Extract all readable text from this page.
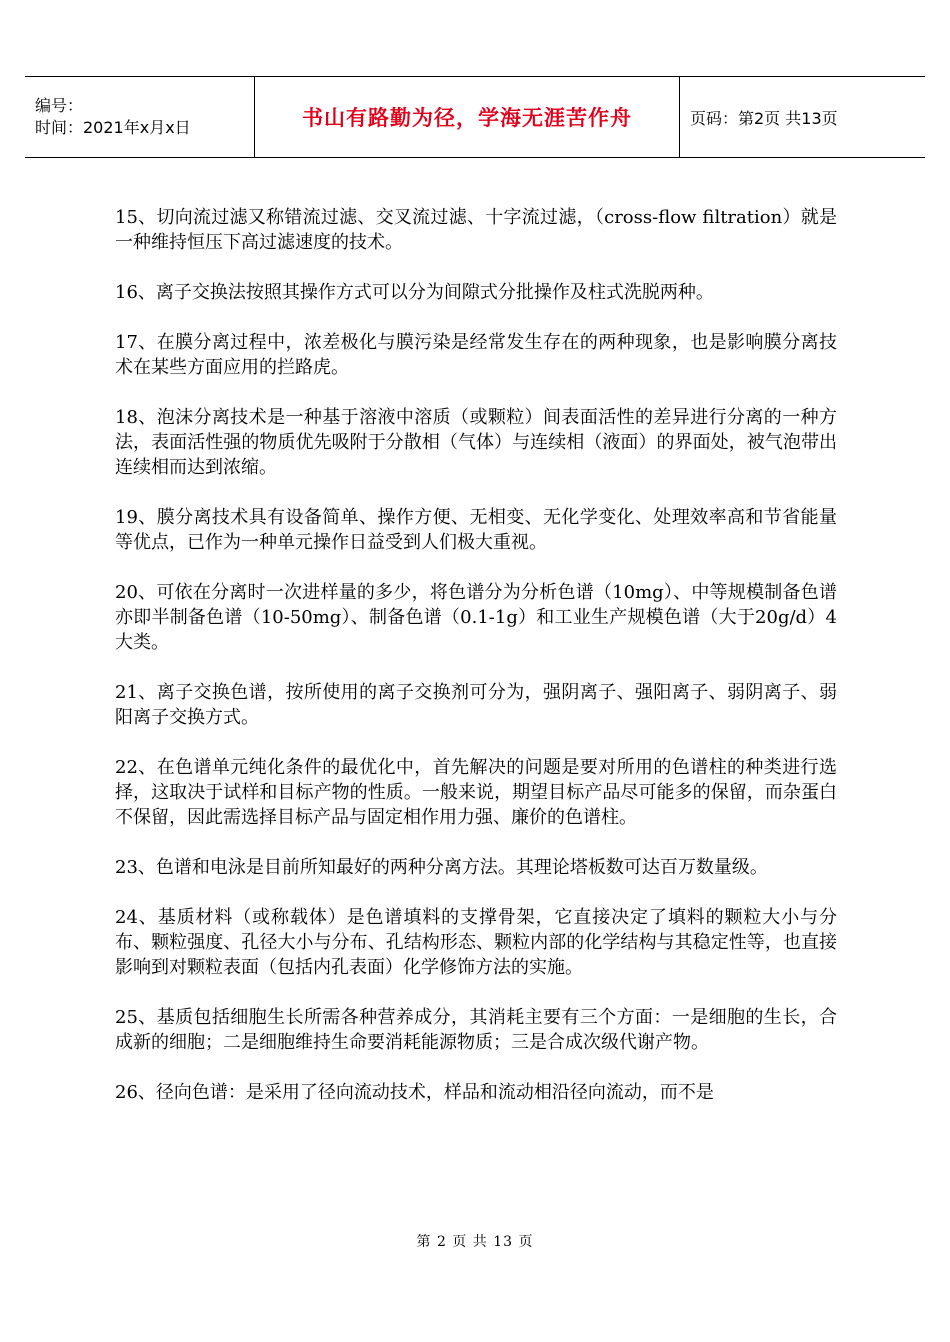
编号：
时间：2021年x月x日	书山有路勤为径，学海无涯苦作舟	页码：第2页 共13页

15、切向流过滤又称错流过滤、交叉流过滤、十字流过滤，（cross-flow filtration）就是一种维持恒压下高过滤速度的技术。

16、离子交换法按照其操作方式可以分为间隙式分批操作及柱式洗脱两种。

17、在膜分离过程中，浓差极化与膜污染是经常发生存在的两种现象，也是影响膜分离技术在某些方面应用的拦路虎。

18、泡沫分离技术是一种基于溶液中溶质（或颗粒）间表面活性的差异进行分离的一种方法，表面活性强的物质优先吸附于分散相（气体）与连续相（液面）的界面处，被气泡带出连续相而达到浓缩。

19、膜分离技术具有设备简单、操作方便、无相变、无化学变化、处理效率高和节省能量等优点，已作为一种单元操作日益受到人们极大重视。

20、可依在分离时一次进样量的多少，将色谱分为分析色谱（10mg）、中等规模制备色谱亦即半制备色谱（10-50mg）、制备色谱（0.1-1g）和工业生产规模色谱（大于20g/d）4大类。

21、离子交换色谱，按所使用的离子交换剂可分为，强阴离子、强阳离子、弱阴离子、弱阳离子交换方式。

22、在色谱单元纯化条件的最优化中，首先解决的问题是要对所用的色谱柱的种类进行选择，这取决于试样和目标产物的性质。一般来说，期望目标产品尽可能多的保留，而杂蛋白不保留，因此需选择目标产品与固定相作用力强、廉价的色谱柱。

23、色谱和电泳是目前所知最好的两种分离方法。其理论塔板数可达百万数量级。

24、基质材料（或称载体）是色谱填料的支撑骨架，它直接决定了填料的颗粒大小与分布、颗粒强度、孔径大小与分布、孔结构形态、颗粒内部的化学结构与其稳定性等，也直接影响到对颗粒表面（包括内孔表面）化学修饰方法的实施。

25、基质包括细胞生长所需各种营养成分，其消耗主要有三个方面：一是细胞的生长，合成新的细胞；二是细胞维持生命要消耗能源物质；三是合成次级代谢产物。

26、径向色谱：是采用了径向流动技术，样品和流动相沿径向流动，而不是

第 2 页 共 13 页
